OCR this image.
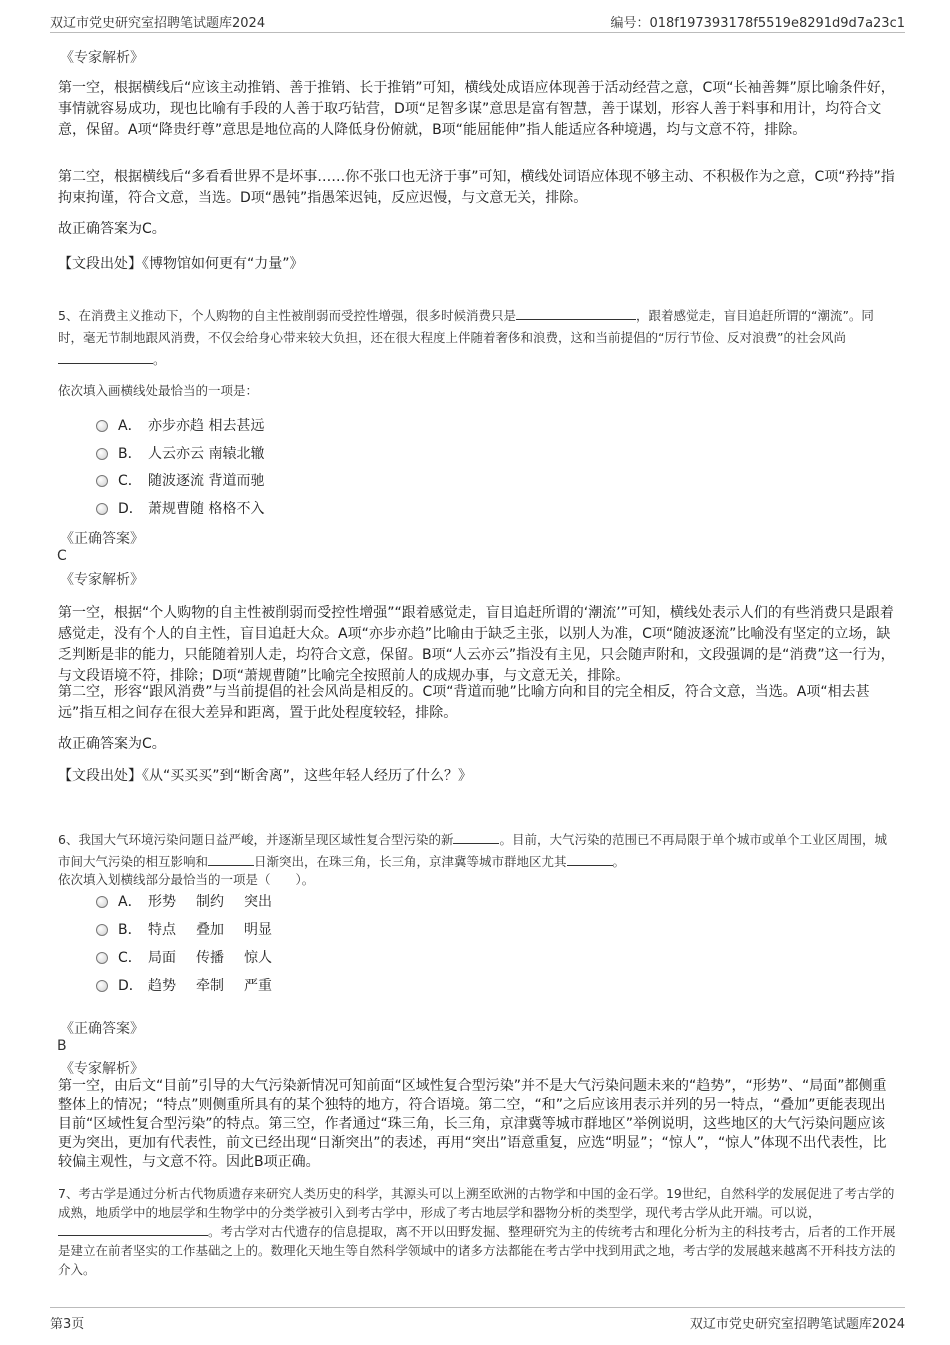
双辽市党史研究室招聘笔试题库2024	编号：018f197393178f5519e8291d9d7a23c1
《专家解析》
第一空，根据横线后“应该主动推销、善于推销、长于推销”可知，横线处成语应体现善于活动经营之意，C项“长袖善舞”原比喻条件好，事情就容易成功，现也比喻有手段的人善于取巧钻营，D项“足智多谋”意思是富有智慧，善于谋划，形容人善于料事和用计，均符合文意，保留。A项“降贵纡尊”意思是地位高的人降低身份俯就，B项“能屈能伸”指人能适应各种境遇，均与文意不符，排除。
第二空，根据横线后“多看看世界不是坏事……你不张口也无济于事”可知，横线处词语应体现不够主动、不积极作为之意，C项“矜持”指拘束拘谨，符合文意，当选。D项“愚钝”指愚笨迟钝，反应迟慢，与文意无关，排除。
故正确答案为C。
【文段出处】《博物馆如何更有“力量”》
5、在消费主义推动下，个人购物的自主性被削弱而受控性增强，很多时候消费只是	，跟着感觉走，盲目追赶所谓的“潮流”。同时，毫无节制地跟风消费，不仅会给身心带来较大负担，还在很大程度上伴随着奢侈和浪费，这和当前提倡的“厉行节俭、反对浪费”的社会风尚。
依次填入画横线处最恰当的一项是：
A． 亦步亦趋 相去甚远
B． 人云亦云 南辕北辙
C． 随波逐流 背道而驰
D． 萧规曹随 格格不入
《正确答案》
C
《专家解析》
第一空，根据“个人购物的自主性被削弱而受控性增强”“跟着感觉走，盲目追赶所谓的‘潮流’”可知，横线处表示人们的有些消费只是跟着感觉走，没有个人的自主性，盲目追赶大众。A项“亦步亦趋”比喻由于缺乏主张，以别人为准，C项“随波逐流”比喻没有坚定的立场，缺乏判断是非的能力，只能随着别人走，均符合文意，保留。B项“人云亦云”指没有主见，只会随声附和，文段强调的是“消费”这一行为，与文段语境不符，排除；D项“萧规曹随”比喻完全按照前人的成规办事，与文意无关，排除。
第二空，形容“跟风消费”与当前提倡的社会风尚是相反的。C项“背道而驰”比喻方向和目的完全相反，符合文意，当选。A项“相去甚远”指互相之间存在很大差异和距离，置于此处程度较轻，排除。
故正确答案为C。
【文段出处】《从“买买买”到“断舍离”，这些年轻人经历了什么？》
6、我国大气环境污染问题日益严峻，并逐渐呈现区域性复合型污染的新	。目前，大气污染的范围已不再局限于单个城市或单个工业区周围，城市间大气污染的相互影响和	日渐突出，在珠三角，长三角，京津冀等城市群地区尤其	。
依次填入划横线部分最恰当的一项是（　　）。
A． 形势 制约 突出
B． 特点 叠加 明显
C． 局面 传播 惊人
D． 趋势 牵制 严重
《正确答案》
B
《专家解析》
第一空，由后文“目前”引导的大气污染新情况可知前面“区域性复合型污染”并不是大气污染问题未来的“趋势”，“形势”、“局面”都侧重整体上的情况；“特点”则侧重所具有的某个独特的地方，符合语境。第二空，“和”之后应该用表示并列的另一特点，“叠加”更能表现出目前“区域性复合型污染”的特点。第三空，作者通过“珠三角，长三角，京津冀等城市群地区”举例说明，这些地区的大气污染问题应该更为突出，更加有代表性，前文已经出现“日渐突出”的表述，再用“突出”语意重复，应选“明显”；“惊人”，“惊人”体现不出代表性，比较偏主观性，与文意不符。因此B项正确。
7、考古学是通过分析古代物质遗存来研究人类历史的科学，其源头可以上溯至欧洲的古物学和中国的金石学。19世纪，自然科学的发展促进了考古学的成熟，地质学中的地层学和生物学中的分类学被引入到考古学中，形成了考古地层学和器物分析的类型学，现代考古学从此开端。可以说，。考古学对古代遗存的信息提取，离不开以田野发掘、整理研究为主的传统考古和理化分析为主的科技考古，后者的工作开展是建立在前者坚实的工作基础之上的。数理化天地生等自然科学领域中的诸多方法都能在考古学中找到用武之地，考古学的发展越来越离不开科技方法的介入。
第3页	双辽市党史研究室招聘笔试题库2024
